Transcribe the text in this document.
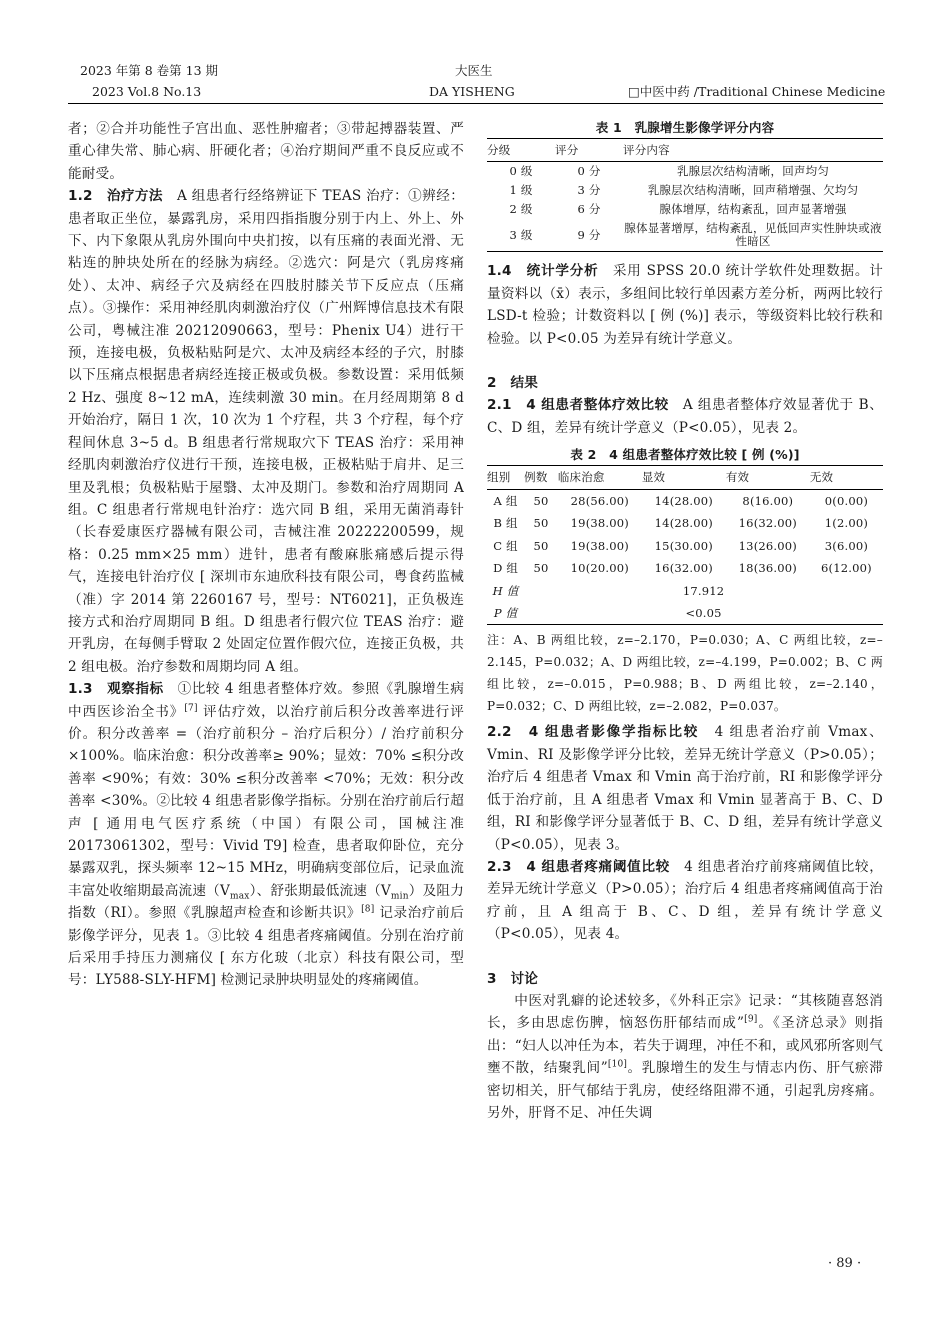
2023 年第 8 卷第 13 期
2023 Vol.8 No.13
大医生
DA YISHENG	□中医中药 /Traditional Chinese Medicine

者；②合并功能性子宫出血、恶性肿瘤者；③带起搏器装置、严重心律失常、肺心病、肝硬化者；④治疗期间严重不良反应或不能耐受。

1.2　治疗方法　A 组患者行经络辨证下 TEAS 治疗：①辨经：患者取正坐位，暴露乳房，采用四指指腹分别于内上、外上、外下、内下象限从乳房外围向中央扪按，以有压痛的表面光滑、无粘连的肿块处所在的经脉为病经。②选穴：阿是穴（乳房疼痛处）、太冲、病经子穴及病经在四肢肘膝关节下反应点（压痛点）。③操作：采用神经肌肉刺激治疗仪（广州辉博信息技术有限公司，粤械注准 20212090663，型号：Phenix U4）进行干预，连接电极，负极粘贴阿是穴、太冲及病经本经的子穴，肘膝以下压痛点根据患者病经连接正极或负极。参数设置：采用低频 2 Hz、强度 8~12 mA，连续刺激 30 min。在月经周期第 8 d 开始治疗，隔日 1 次，10 次为 1 个疗程，共 3 个疗程，每个疗程间休息 3~5 d。B 组患者行常规取穴下 TEAS 治疗：采用神经肌肉刺激治疗仪进行干预，连接电极，正极粘贴于肩井、足三里及乳根；负极粘贴于屋翳、太冲及期门。参数和治疗周期同 A 组。C 组患者行常规电针治疗：选穴同 B 组，采用无菌消毒针（长春爱康医疗器械有限公司，吉械注准 20222200599，规格：0.25 mm×25 mm）进针，患者有酸麻胀痛感后提示得气，连接电针治疗仪 [ 深圳市东迪欣科技有限公司，粤食药监械（准）字 2014 第 2260167 号，型号：NT6021]，正负极连接方式和治疗周期同 B 组。D 组患者行假穴位 TEAS 治疗：避开乳房，在每侧手臂取 2 处固定位置作假穴位，连接正负极，共 2 组电极。治疗参数和周期均同 A 组。

1.3　观察指标　①比较 4 组患者整体疗效。参照《乳腺增生病中西医诊治全书》[7] 评估疗效，以治疗前后积分改善率进行评价。积分改善率 =（治疗前积分 – 治疗后积分）/ 治疗前积分 ×100%。临床治愈：积分改善率≥ 90%；显效：70% ≤积分改善率 <90%；有效：30% ≤积分改善率 <70%；无效：积分改善率 <30%。②比较 4 组患者影像学指标。分别在治疗前后行超声 [ 通用电气医疗系统（中国）有限公司，国械注准 20173061302，型号：Vivid T9] 检查，患者取仰卧位，充分暴露双乳，探头频率 12~15 MHz，明确病变部位后，记录血流丰富处收缩期最高流速$(V_{max})$、舒张期最低流速$(V_{min})$及阻力指数（RI）。参照《乳腺超声检查和诊断共识》[8] 记录治疗前后影像学评分，见表 1。③比较 4 组患者疼痛阈值。分别在治疗前后采用手持压力测痛仪 [ 东方化玻（北京）科技有限公司，型号：LY588-SLY-HFM] 检测记录肿块明显处的疼痛阈值。

表 1　乳腺增生影像学评分内容
分级	评分	评分内容
0 级	0 分	乳腺层次结构清晰，回声均匀
1 级	3 分	乳腺层次结构清晰，回声稍增强、欠均匀
2 级	6 分	腺体增厚，结构紊乱，回声显著增强
3 级	9 分	腺体显著增厚，结构紊乱，见低回声实性肿块或液性暗区

1.4　统计学分析　采用 SPSS 20.0 统计学软件处理数据。计量资料以（x̄）表示，多组间比较行单因素方差分析，两两比较行 LSD-t 检验；计数资料以 [ 例 (%)] 表示，等级资料比较行秩和检验。以 P<0.05 为差异有统计学意义。

2　结果

2.1　4 组患者整体疗效比较　A 组患者整体疗效显著优于 B、C、D 组，差异有统计学意义（P<0.05），见表 2。

表 2　4 组患者整体疗效比较 [ 例 (%)]
组别	例数	临床治愈	显效	有效	无效
A 组	50	28(56.00)	14(28.00)	8(16.00)	0(0.00)
B 组	50	19(38.00)	14(28.00)	16(32.00)	1(2.00)
C 组	50	19(38.00)	15(30.00)	13(26.00)	3(6.00)
D 组	50	10(20.00)	16(32.00)	18(36.00)	6(12.00)
H 值	17.912				
P 值	<0.05				

注：A、B 两组比较，z=–2.170，P=0.030；A、C 两组比较，z=–2.145，P=0.032；A、D 两组比较，z=–4.199，P=0.002；B、C 两组比较，z=–0.015，P=0.988；B、D 两组比较，z=–2.140，P=0.032；C、D 两组比较，z=–2.082，P=0.037。

2.2　4 组患者影像学指标比较　4 组患者治疗前 Vmax、Vmin、RI 及影像学评分比较，差异无统计学意义（P>0.05）；治疗后 4 组患者 Vmax 和 Vmin 高于治疗前，RI 和影像学评分低于治疗前，且 A 组患者 Vmax 和 Vmin 显著高于 B、C、D 组，RI 和影像学评分显著低于 B、C、D 组，差异有统计学意义（P<0.05），见表 3。

2.3　4 组患者疼痛阈值比较　4 组患者治疗前疼痛阈值比较，差异无统计学意义（P>0.05）；治疗后 4 组患者疼痛阈值高于治疗前，且 A 组高于 B、C、D 组，差异有统计学意义（P<0.05），见表 4。

3　讨论

中医对乳癖的论述较多，《外科正宗》记录：“其核随喜怒消长，多由思虑伤脾，恼怒伤肝郁结而成”[9]。《圣济总录》则指出：“妇人以冲任为本，若失于调理，冲任不和，或风邪所客则气壅不散，结聚乳间”[10]。乳腺增生的发生与情志内伤、肝气瘀滞密切相关，肝气郁结于乳房，使经络阻滞不通，引起乳房疼痛。另外，肝肾不足、冲任失调

· 89 ·
